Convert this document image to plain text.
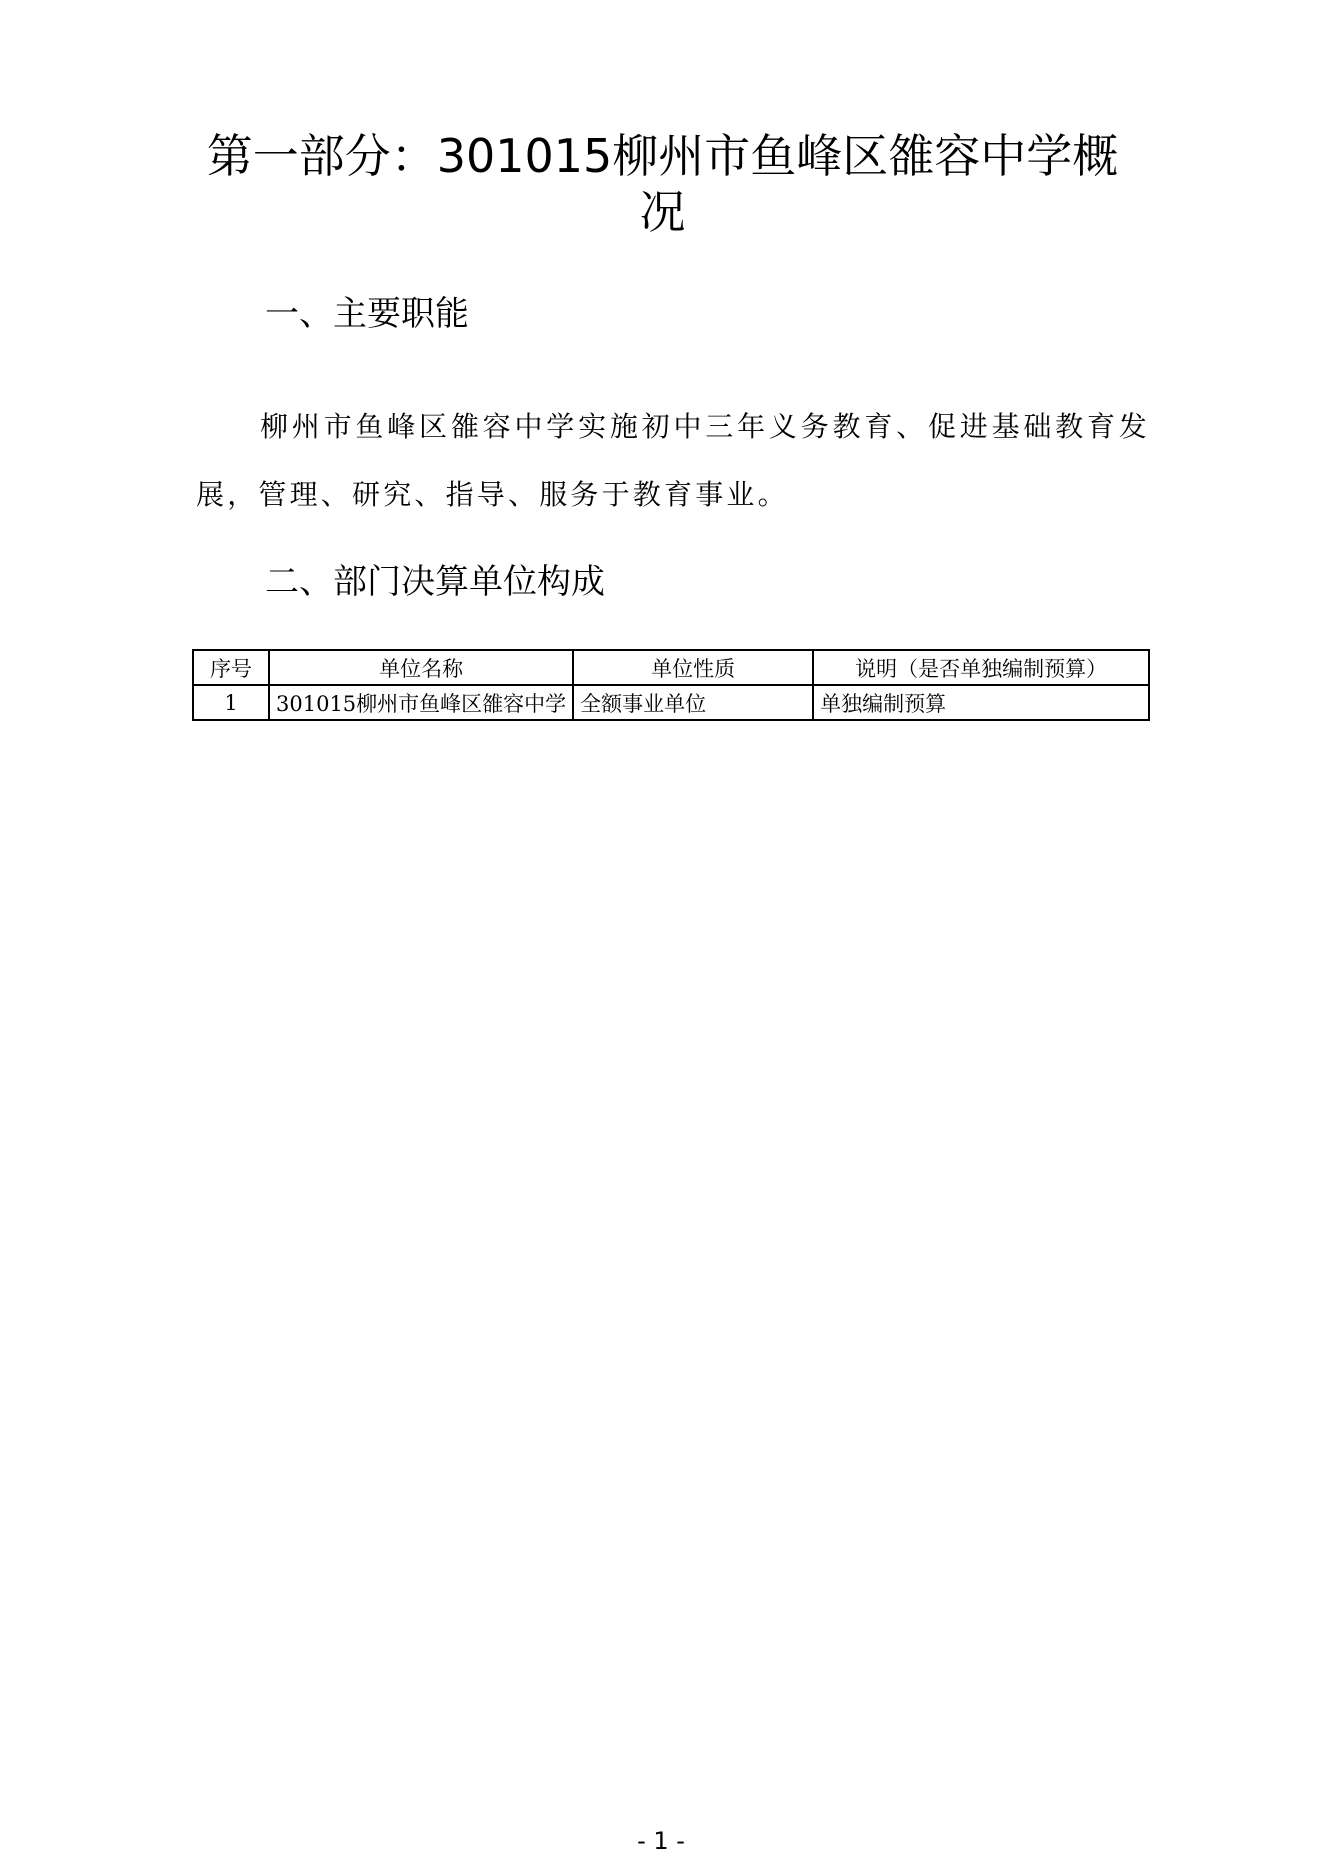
第一部分：301015柳州市鱼峰区雒容中学概况
一、主要职能

柳州市鱼峰区雒容中学实施初中三年义务教育、促进基础教育发展，管理、研究、指导、服务于教育事业。

二、部门决算单位构成
序号	单位名称	单位性质	说明（是否单独编制预算）
1	301015柳州市鱼峰区雒容中学	全额事业单位	单独编制预算
- 1 -
